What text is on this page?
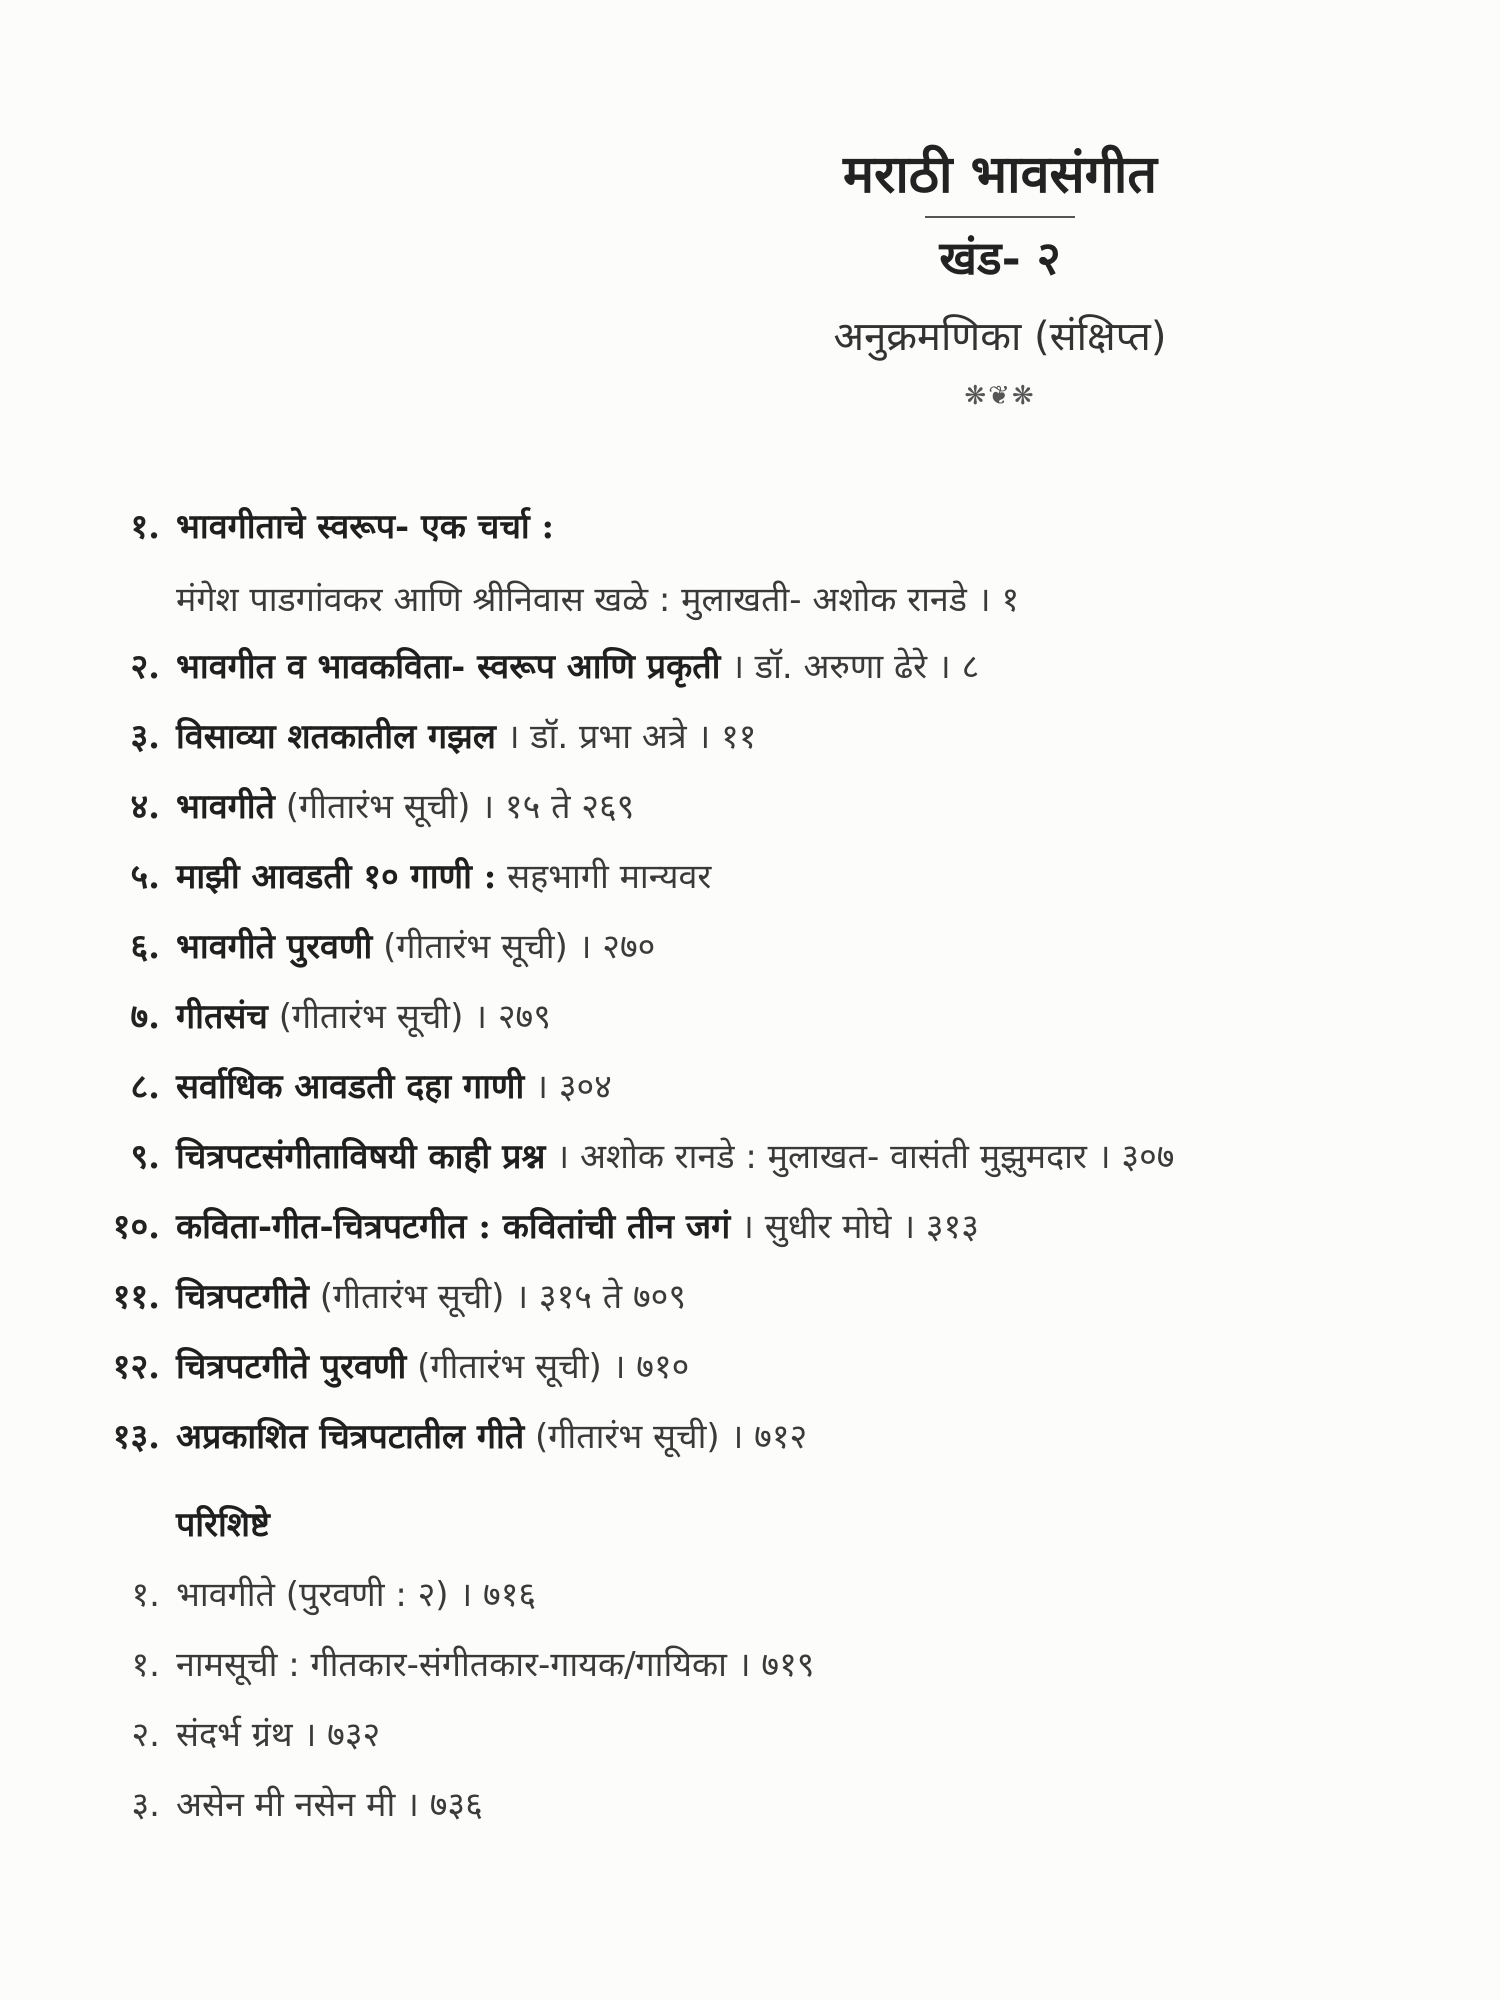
मराठी भावसंगीत
खंड- २
अनुक्रमणिका (संक्षिप्त)
❋❦❋
१. भावगीताचे स्वरूप- एक चर्चा :
२. भावगीत व भावकविता- स्वरूप आणि प्रकृती । डॉ. अरुणा ढेरे । ८
३. विसाव्या शतकातील गझल । डॉ. प्रभा अत्रे । ११
४. भावगीते (गीतारंभ सूची) । १५ ते २६९
५. माझी आवडती १० गाणी : सहभागी मान्यवर
६. भावगीते पुरवणी (गीतारंभ सूची) । २७०
७. गीतसंच (गीतारंभ सूची) । २७९
८. सर्वाधिक आवडती दहा गाणी । ३०४
९. चित्रपटसंगीताविषयी काही प्रश्न । अशोक रानडे : मुलाखत- वासंती मुझुमदार । ३०७
१०. कविता-गीत-चित्रपटगीत : कवितांची तीन जगं । सुधीर मोघे । ३१३
११. चित्रपटगीते (गीतारंभ सूची) । ३१५ ते ७०९
१२. चित्रपटगीते पुरवणी (गीतारंभ सूची) । ७१०
१३. अप्रकाशित चित्रपटातील गीते (गीतारंभ सूची) । ७१२
मंगेश पाडगांवकर आणि श्रीनिवास खळे : मुलाखती- अशोक रानडे । १
परिशिष्टे
१. भावगीते (पुरवणी : २) । ७१६
१. नामसूची : गीतकार-संगीतकार-गायक/गायिका । ७१९
२. संदर्भ ग्रंथ । ७३२
३. असेन मी नसेन मी । ७३६
